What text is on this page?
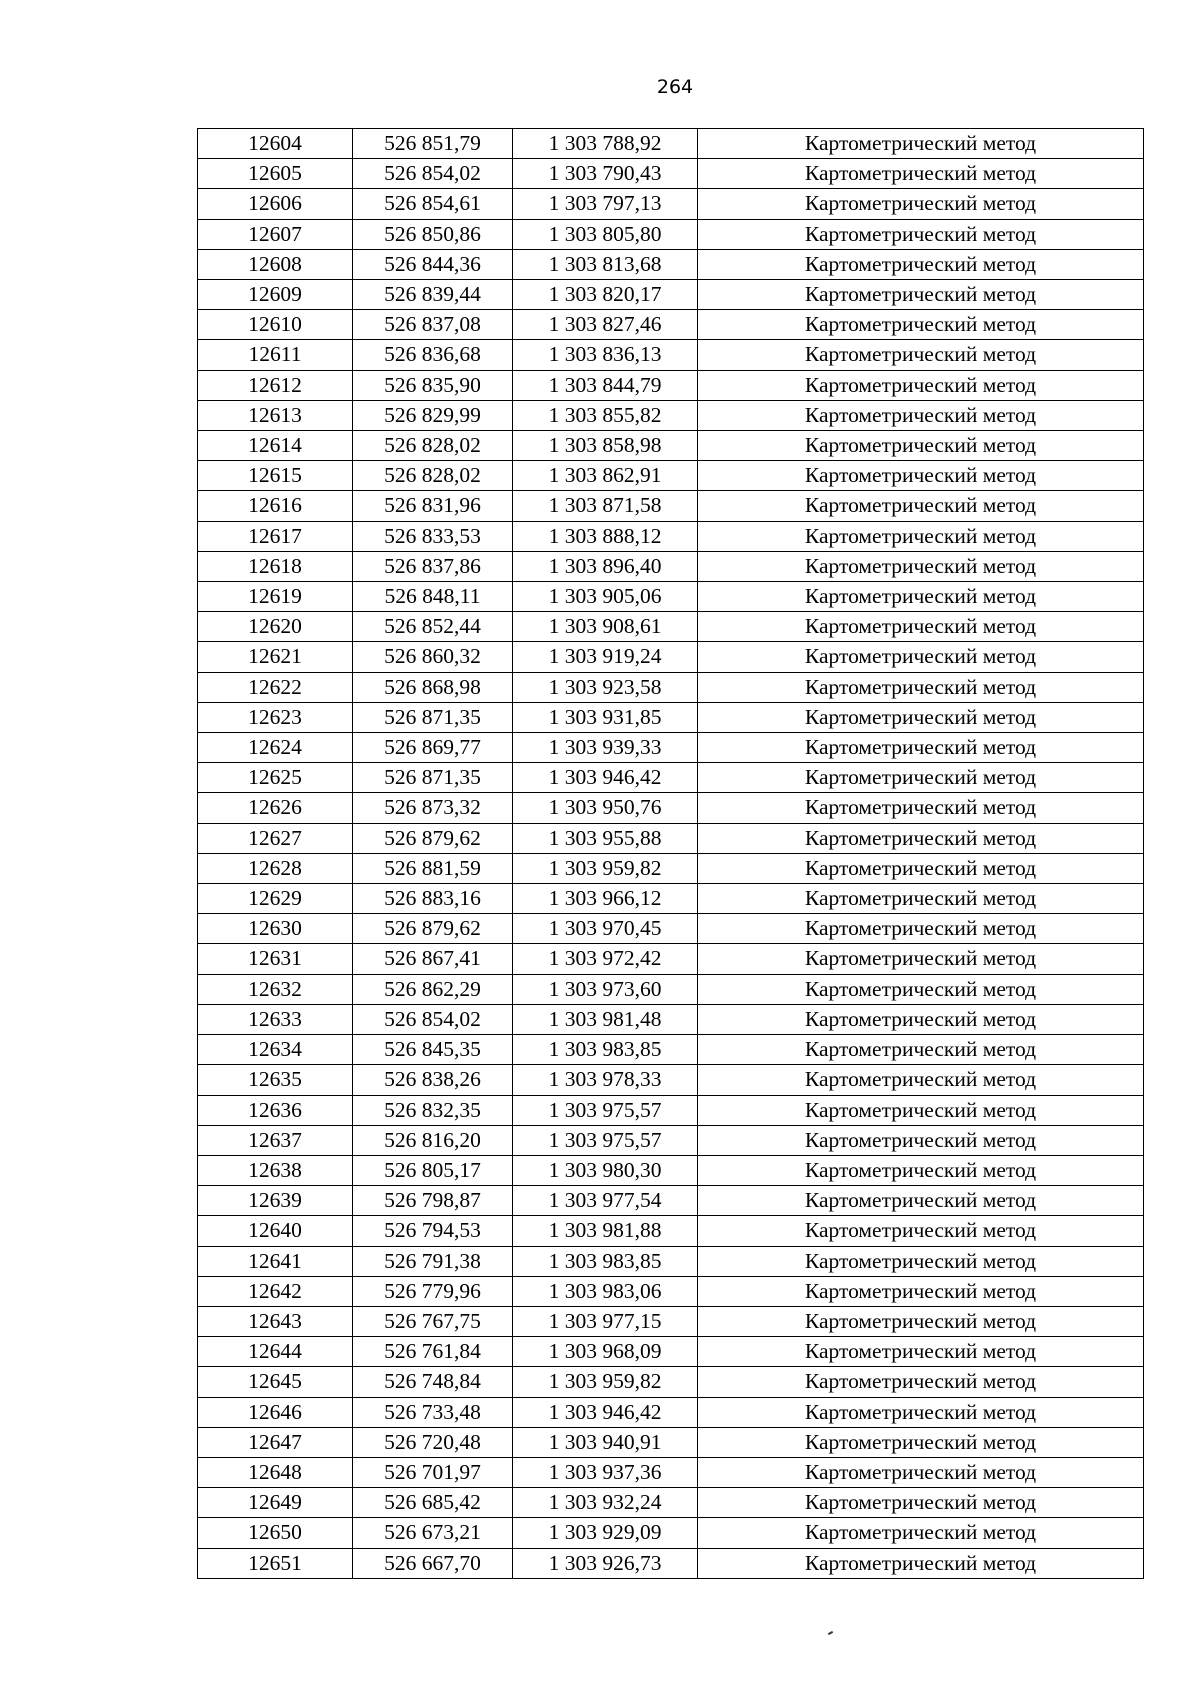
264
12604	526 851,79	1 303 788,92	Картометрический метод
12605	526 854,02	1 303 790,43	Картометрический метод
12606	526 854,61	1 303 797,13	Картометрический метод
12607	526 850,86	1 303 805,80	Картометрический метод
12608	526 844,36	1 303 813,68	Картометрический метод
12609	526 839,44	1 303 820,17	Картометрический метод
12610	526 837,08	1 303 827,46	Картометрический метод
12611	526 836,68	1 303 836,13	Картометрический метод
12612	526 835,90	1 303 844,79	Картометрический метод
12613	526 829,99	1 303 855,82	Картометрический метод
12614	526 828,02	1 303 858,98	Картометрический метод
12615	526 828,02	1 303 862,91	Картометрический метод
12616	526 831,96	1 303 871,58	Картометрический метод
12617	526 833,53	1 303 888,12	Картометрический метод
12618	526 837,86	1 303 896,40	Картометрический метод
12619	526 848,11	1 303 905,06	Картометрический метод
12620	526 852,44	1 303 908,61	Картометрический метод
12621	526 860,32	1 303 919,24	Картометрический метод
12622	526 868,98	1 303 923,58	Картометрический метод
12623	526 871,35	1 303 931,85	Картометрический метод
12624	526 869,77	1 303 939,33	Картометрический метод
12625	526 871,35	1 303 946,42	Картометрический метод
12626	526 873,32	1 303 950,76	Картометрический метод
12627	526 879,62	1 303 955,88	Картометрический метод
12628	526 881,59	1 303 959,82	Картометрический метод
12629	526 883,16	1 303 966,12	Картометрический метод
12630	526 879,62	1 303 970,45	Картометрический метод
12631	526 867,41	1 303 972,42	Картометрический метод
12632	526 862,29	1 303 973,60	Картометрический метод
12633	526 854,02	1 303 981,48	Картометрический метод
12634	526 845,35	1 303 983,85	Картометрический метод
12635	526 838,26	1 303 978,33	Картометрический метод
12636	526 832,35	1 303 975,57	Картометрический метод
12637	526 816,20	1 303 975,57	Картометрический метод
12638	526 805,17	1 303 980,30	Картометрический метод
12639	526 798,87	1 303 977,54	Картометрический метод
12640	526 794,53	1 303 981,88	Картометрический метод
12641	526 791,38	1 303 983,85	Картометрический метод
12642	526 779,96	1 303 983,06	Картометрический метод
12643	526 767,75	1 303 977,15	Картометрический метод
12644	526 761,84	1 303 968,09	Картометрический метод
12645	526 748,84	1 303 959,82	Картометрический метод
12646	526 733,48	1 303 946,42	Картометрический метод
12647	526 720,48	1 303 940,91	Картометрический метод
12648	526 701,97	1 303 937,36	Картометрический метод
12649	526 685,42	1 303 932,24	Картометрический метод
12650	526 673,21	1 303 929,09	Картометрический метод
12651	526 667,70	1 303 926,73	Картометрический метод
